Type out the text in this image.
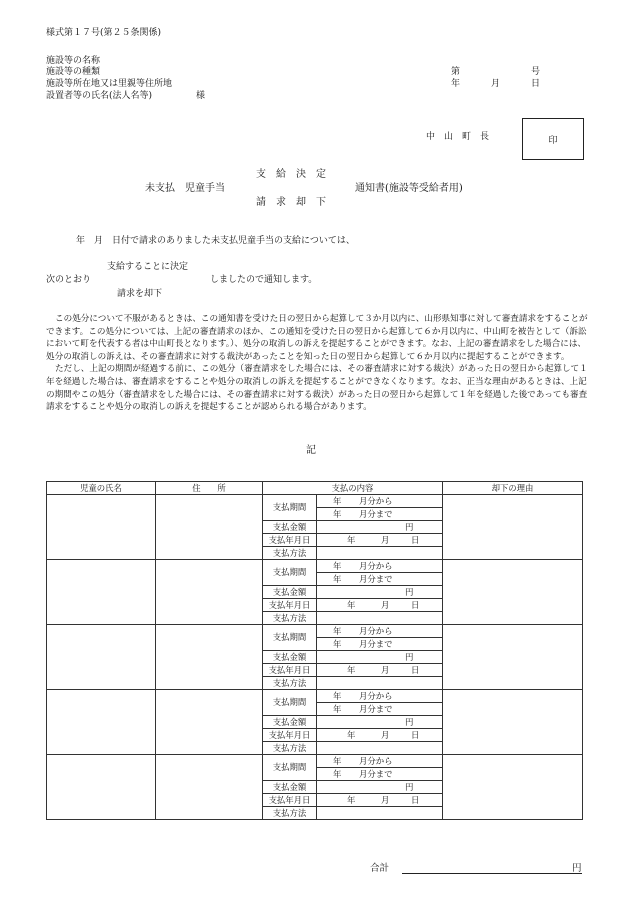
様式第１７号(第２５条関係)
施設等の名称
施設等の種類
施設等所在地又は里親等住所地
設置者等の氏名(法人名等)	様
第	号
年	月	日
中　山　町　長	印
支　給　決　定
未支払　児童手当	通知書(施設等受給者用)
請　求　却　下
年　月　日付で請求のありました未支払児童手当の支給については、
支給することに決定
次のとおり	しましたので通知します。
請求を却下

この処分について不服があるときは、この通知書を受けた日の翌日から起算して３か月以内に、山形県知事に対して審査請求をすることができます。この処分については、上記の審査請求のほか、この通知を受けた日の翌日から起算して６か月以内に、中山町を被告として（訴訟において町を代表する者は中山町長となります。）、処分の取消しの訴えを提起することができます。なお、上記の審査請求をした場合には、処分の取消しの訴えは、その審査請求に対する裁決があったことを知った日の翌日から起算して６か月以内に提起することができます。

ただし、上記の期間が経過する前に、この処分（審査請求をした場合には、その審査請求に対する裁決）があった日の翌日から起算して１年を経過した場合は、審査請求をすることや処分の取消しの訴えを提起することができなくなります。なお、正当な理由があるときは、上記の期間やこの処分（審査請求をした場合には、その審査請求に対する裁決）があった日の翌日から起算して１年を経過した後であっても審査請求をすることや処分の取消しの訴えを提起することが認められる場合があります。

記
児童の氏名	住　　所	支払の内容		却下の理由
		支払期間	年 月分から	
			年 月分まで	
		支払金額	円	
		支払年月日	年 月 日	
		支払方法		
		支払期間	年 月分から	
			年 月分まで	
		支払金額	円	
		支払年月日	年 月 日	
		支払方法		
		支払期間	年 月分から	
			年 月分まで	
		支払金額	円	
		支払年月日	年 月 日	
		支払方法		
		支払期間	年 月分から	
			年 月分まで	
		支払金額	円	
		支払年月日	年 月 日	
		支払方法		
		支払期間	年 月分から	
			年 月分まで	
		支払金額	円	
		支払年月日	年 月 日	
		支払方法		
合計	円
